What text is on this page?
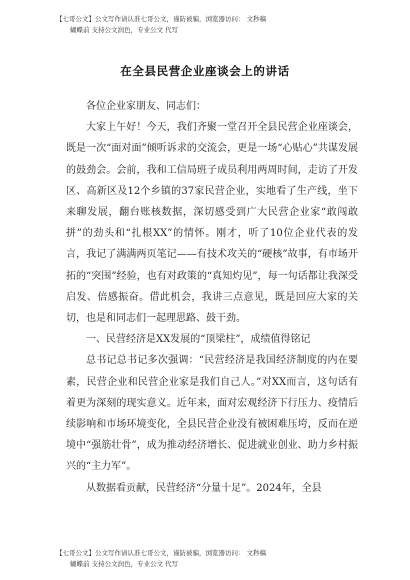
【七哥公文】公文写作请认准七哥公文，谨防被骗，浏览器访问： 文秒稿
蝴蝶前 支持公文润色，专业公文 代写
在全县民营企业座谈会上的讲话

各位企业家朋友、同志们：

大家上午好！今天，我们齐聚一堂召开全县民营企业座谈会，既是一次“面对面”倾听诉求的交流会，更是一场“心贴心”共谋发展的鼓劲会。会前，我和工信局班子成员利用两周时间，走访了开发区、高新区及12个乡镇的37家民营企业，实地看了生产线，坐下来聊发展，翻台账核数据，深切感受到广大民营企业家“敢闯敢拼”的劲头和“扎根XX”的情怀。刚才，听了10位企业代表的发言，我记了满满两页笔记——有技术攻关的“硬核”故事，有市场开拓的“突围”经验，也有对政策的“真知灼见”，每一句话都让我深受启发、倍感振奋。借此机会，我讲三点意见，既是回应大家的关切，也是和同志们一起理思路、鼓干劲。

一、民营经济是XX发展的“顶梁柱”，成绩值得铭记

总书记总书记多次强调：“民营经济是我国经济制度的内在要素，民营企业和民营企业家是我们自己人。”对XX而言，这句话有着更为深刻的现实意义。近年来，面对宏观经济下行压力、疫情后续影响和市场环境变化，全县民营企业没有被困难压垮，反而在逆境中“强筋壮骨”，成为推动经济增长、促进就业创业、助力乡村振兴的“主力军”。

从数据看贡献，民营经济“分量十足”。2024年，全县

【七哥公文】公文写作请认准七哥公文，谨防被骗，浏览器访问： 文秒稿
蝴蝶前 支持公文润色，专业公文 代写
